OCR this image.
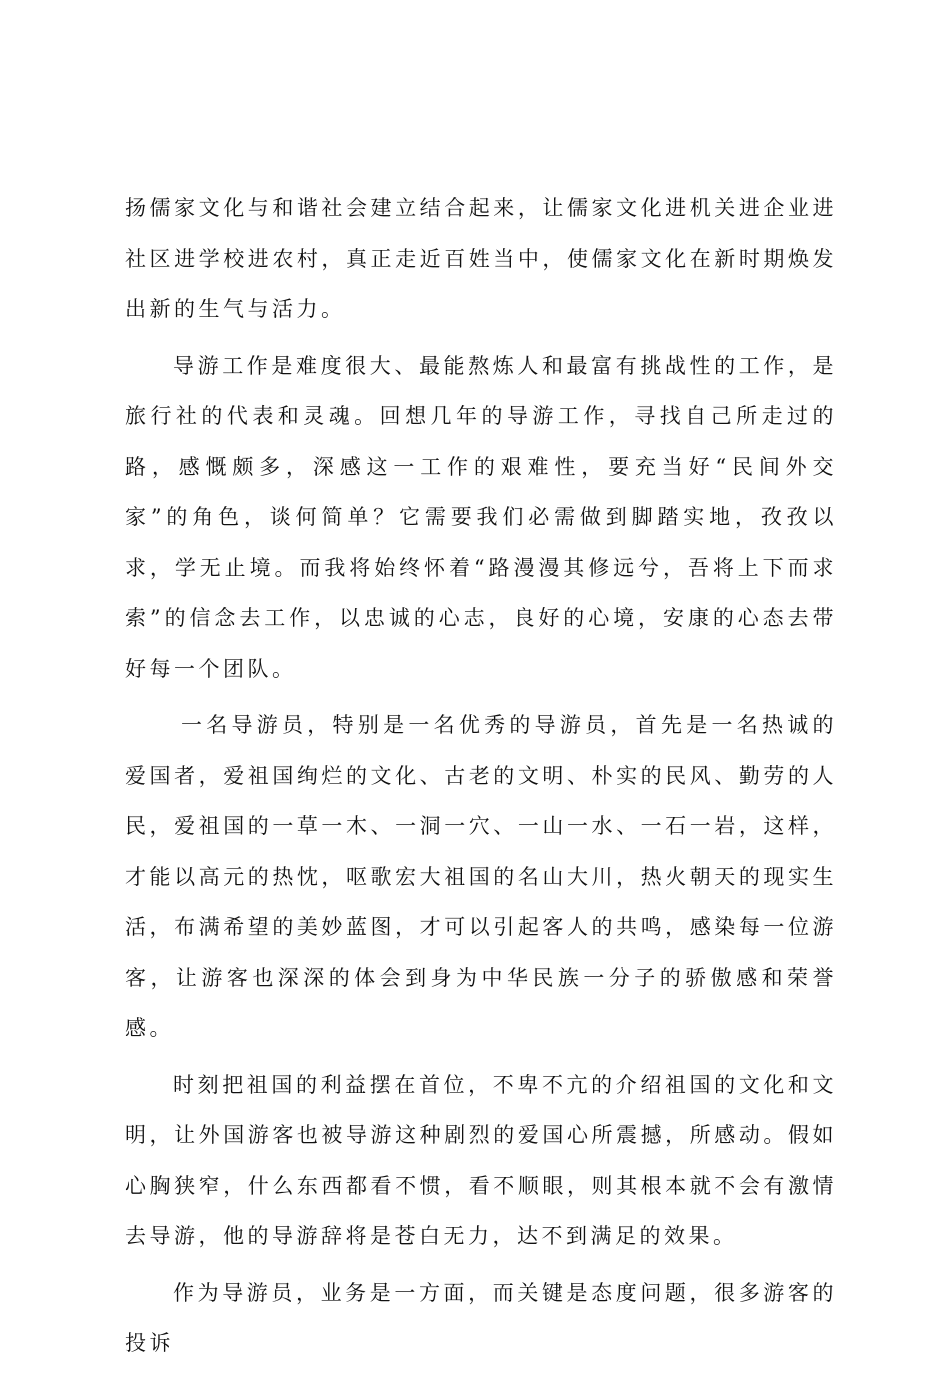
扬儒家文化与和谐社会建立结合起来，让儒家文化进机关进企业进社区进学校进农村，真正走近百姓当中，使儒家文化在新时期焕发出新的生气与活力。

导游工作是难度很大、最能熬炼人和最富有挑战性的工作，是旅行社的代表和灵魂。回想几年的导游工作，寻找自己所走过的路，感慨颇多，深感这一工作的艰难性，要充当好“民间外交家”的角色，谈何简单？它需要我们必需做到脚踏实地，孜孜以求，学无止境。而我将始终怀着“路漫漫其修远兮，吾将上下而求索”的信念去工作，以忠诚的心志，良好的心境，安康的心态去带好每一个团队。

一名导游员，特别是一名优秀的导游员，首先是一名热诚的爱国者，爱祖国绚烂的文化、古老的文明、朴实的民风、勤劳的人民，爱祖国的一草一木、一洞一穴、一山一水、一石一岩，这样，才能以高元的热忱，呕歌宏大祖国的名山大川，热火朝天的现实生活，布满希望的美妙蓝图，才可以引起客人的共鸣，感染每一位游客，让游客也深深的体会到身为中华民族一分子的骄傲感和荣誉感。

时刻把祖国的利益摆在首位，不卑不亢的介绍祖国的文化和文明，让外国游客也被导游这种剧烈的爱国心所震撼，所感动。假如心胸狭窄，什么东西都看不惯，看不顺眼，则其根本就不会有激情去导游，他的导游辞将是苍白无力，达不到满足的效果。

作为导游员，业务是一方面，而关键是态度问题，很多游客的投诉
